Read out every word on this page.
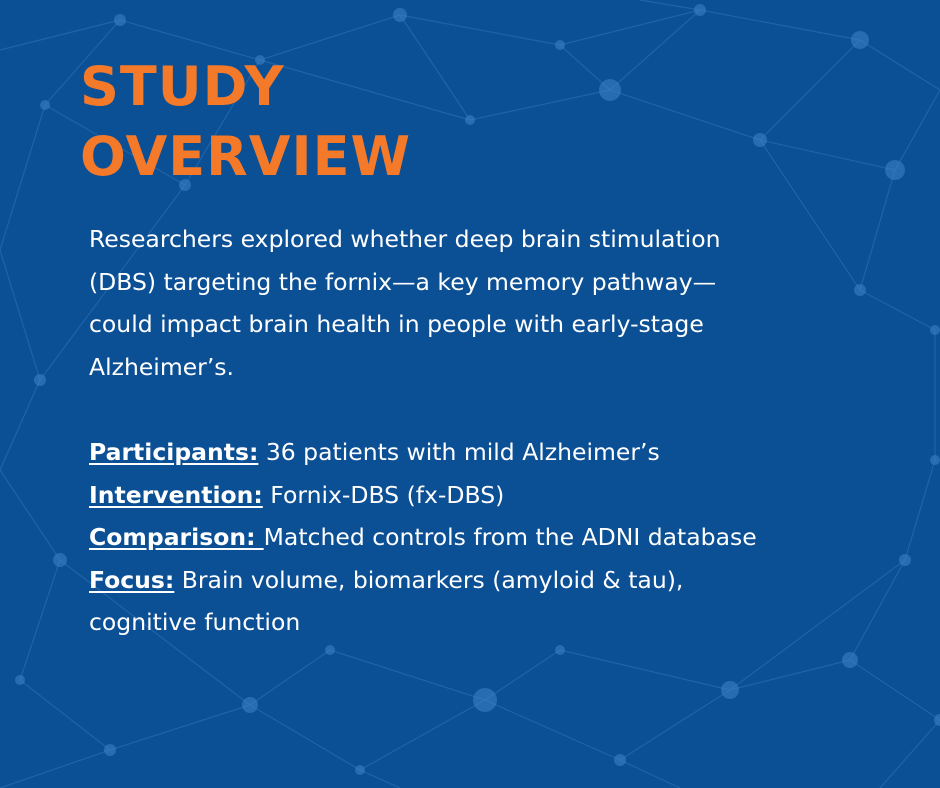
STUDY
OVERVIEW

Researchers explored whether deep brain stimulation
(DBS) targeting the fornix—a key memory pathway—
could impact brain health in people with early-stage
Alzheimer’s.

Participants: 36 patients with mild Alzheimer’s
Intervention: Fornix-DBS (fx-DBS)
Comparison: Matched controls from the ADNI database
Focus: Brain volume, biomarkers (amyloid & tau),
cognitive function
